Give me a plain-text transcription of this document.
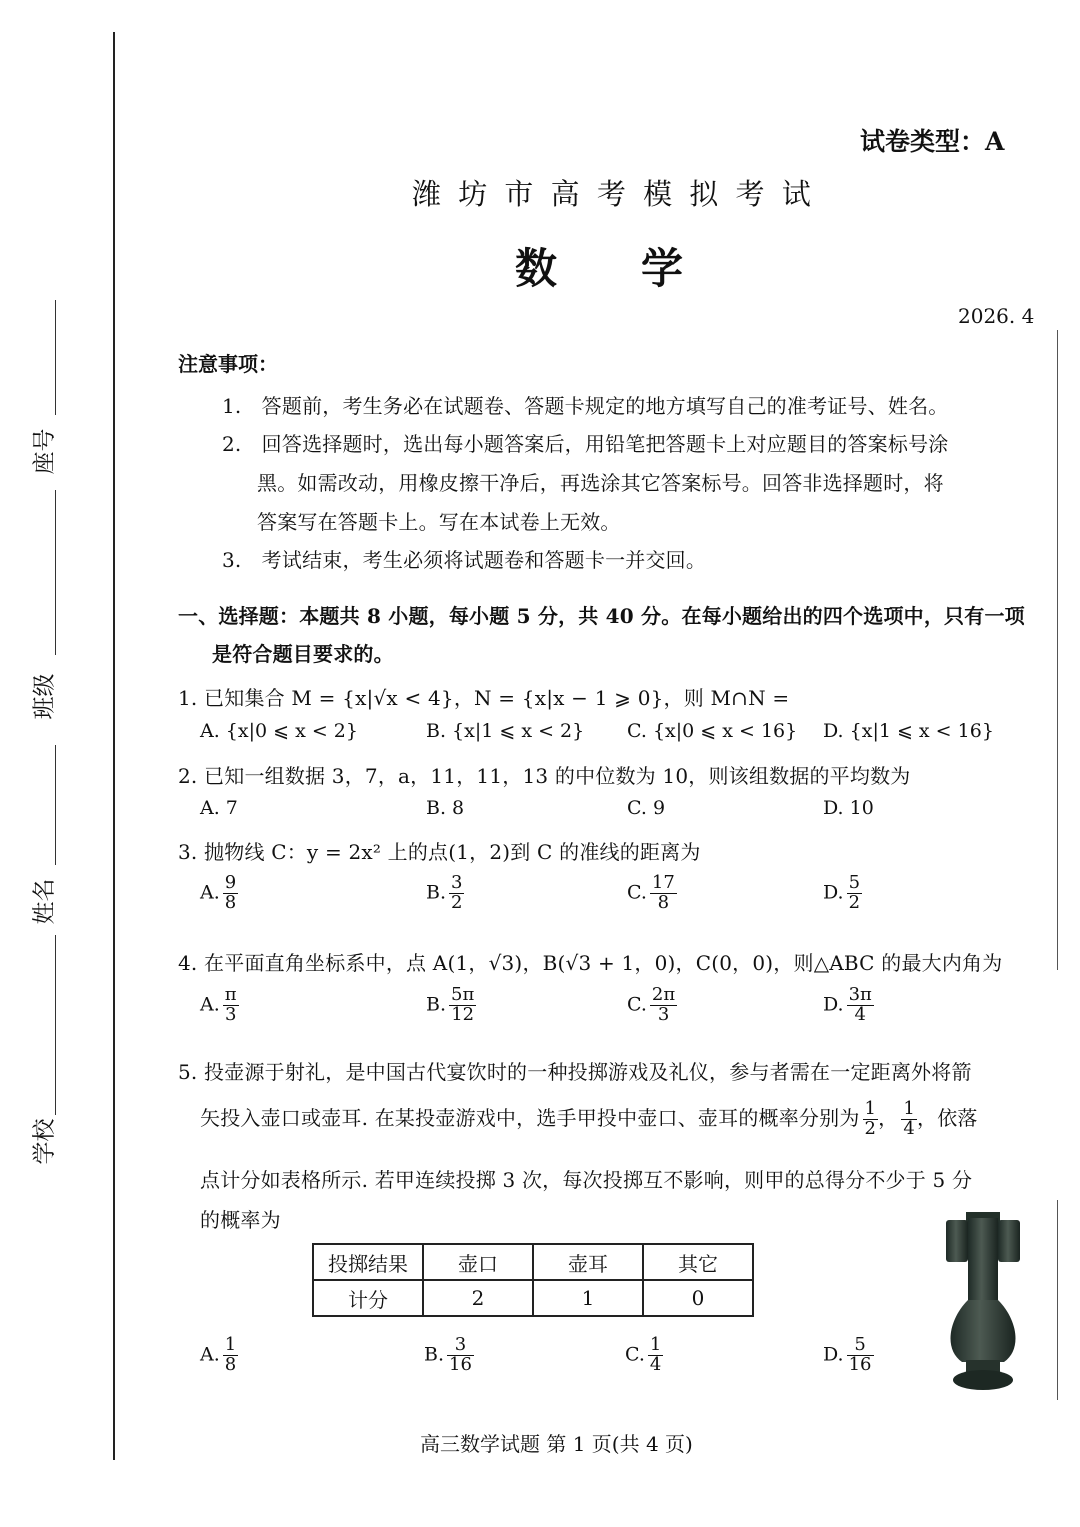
座号
班级
姓名
学校
试卷类型：A
潍 坊 市 高 考 模 拟 考 试
数　　学
2026. 4
注意事项：
1.　答题前，考生务必在试题卷、答题卡规定的地方填写自己的准考证号、姓名。
2.　回答选择题时，选出每小题答案后，用铅笔把答题卡上对应题目的答案标号涂
黑。如需改动，用橡皮擦干净后，再选涂其它答案标号。回答非选择题时，将
答案写在答题卡上。写在本试卷上无效。
3.　考试结束，考生必须将试题卷和答题卡一并交回。
一、选择题：本题共 8 小题，每小题 5 分，共 40 分。在每小题给出的四个选项中，只有一项
是符合题目要求的。
1. 已知集合 M = {x|√x < 4}，N = {x|x − 1 ⩾ 0}，则 M∩N =
A. {x|0 ⩽ x < 2}	B. {x|1 ⩽ x < 2} C. {x|0 ⩽ x < 16} D. {x|1 ⩽ x < 16}
2. 已知一组数据 3，7，a，11，11，13 的中位数为 10，则该组数据的平均数为
A. 7	B. 8	C. 9	D. 10
3. 抛物线 C：y = 2x² 上的点(1，2)到 C 的准线的距离为
A. $\frac{9}{8}$	B. $\frac{3}{2}$	C. $\frac{17}{8}$	D. $\frac{5}{2}$
4. 在平面直角坐标系中，点 A(1，√3)，B(√3 + 1，0)，C(0，0)，则△ABC 的最大内角为
A. $\frac{\pi}{3}$	B. $\frac{5\pi}{12}$	C. $\frac{2\pi}{3}$	D. $\frac{3\pi}{4}$
5. 投壶源于射礼，是中国古代宴饮时的一种投掷游戏及礼仪，参与者需在一定距离外将箭
矢投入壶口或壶耳. 在某投壶游戏中，选手甲投中壶口、壶耳的概率分别为 $\frac{1}{2}$ ， $\frac{1}{4}$ ，依落
点计分如表格所示. 若甲连续投掷 3 次，每次投掷互不影响，则甲的总得分不少于 5 分
的概率为
投掷结果	壶口	壶耳	其它
计分	2	1	0
A. $\frac{1}{8}$	B. $\frac{3}{16}$	C. $\frac{1}{4}$	D. $\frac{5}{16}$
高三数学试题 第 1 页(共 4 页)
